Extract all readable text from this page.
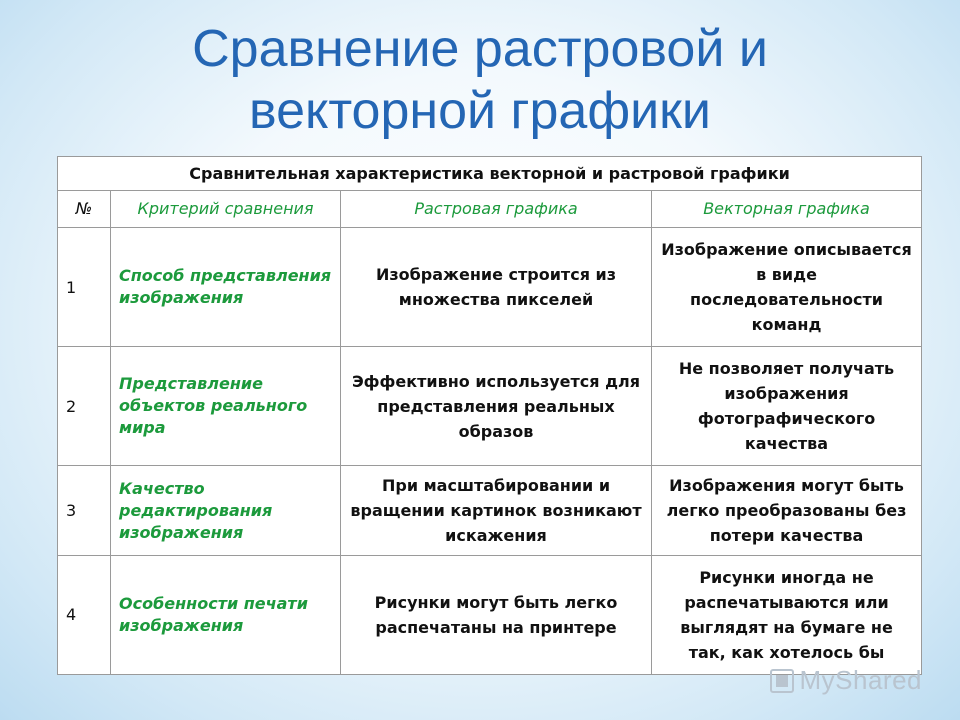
Сравнение растровой и
векторной графики
Сравнительная характеристика векторной и растровой графики			
№	Критерий сравнения	Растровая графика	Векторная графика
1	Способ представления изображения	Изображение строится из множества пикселей	Изображение описывается в виде последовательности команд
2	Представление объектов реального мира	Эффективно используется для представления реальных образов	Не позволяет получать изображения фотографического качества
3	Качество редактирования изображения	При масштабировании и вращении картинок возникают искажения	Изображения могут быть легко преобразованы без потери качества
4	Особенности печати изображения	Рисунки могут быть легко распечатаны на принтере	Рисунки иногда не распечатываются или выглядят на бумаге не так, как хотелось бы
MyShared
